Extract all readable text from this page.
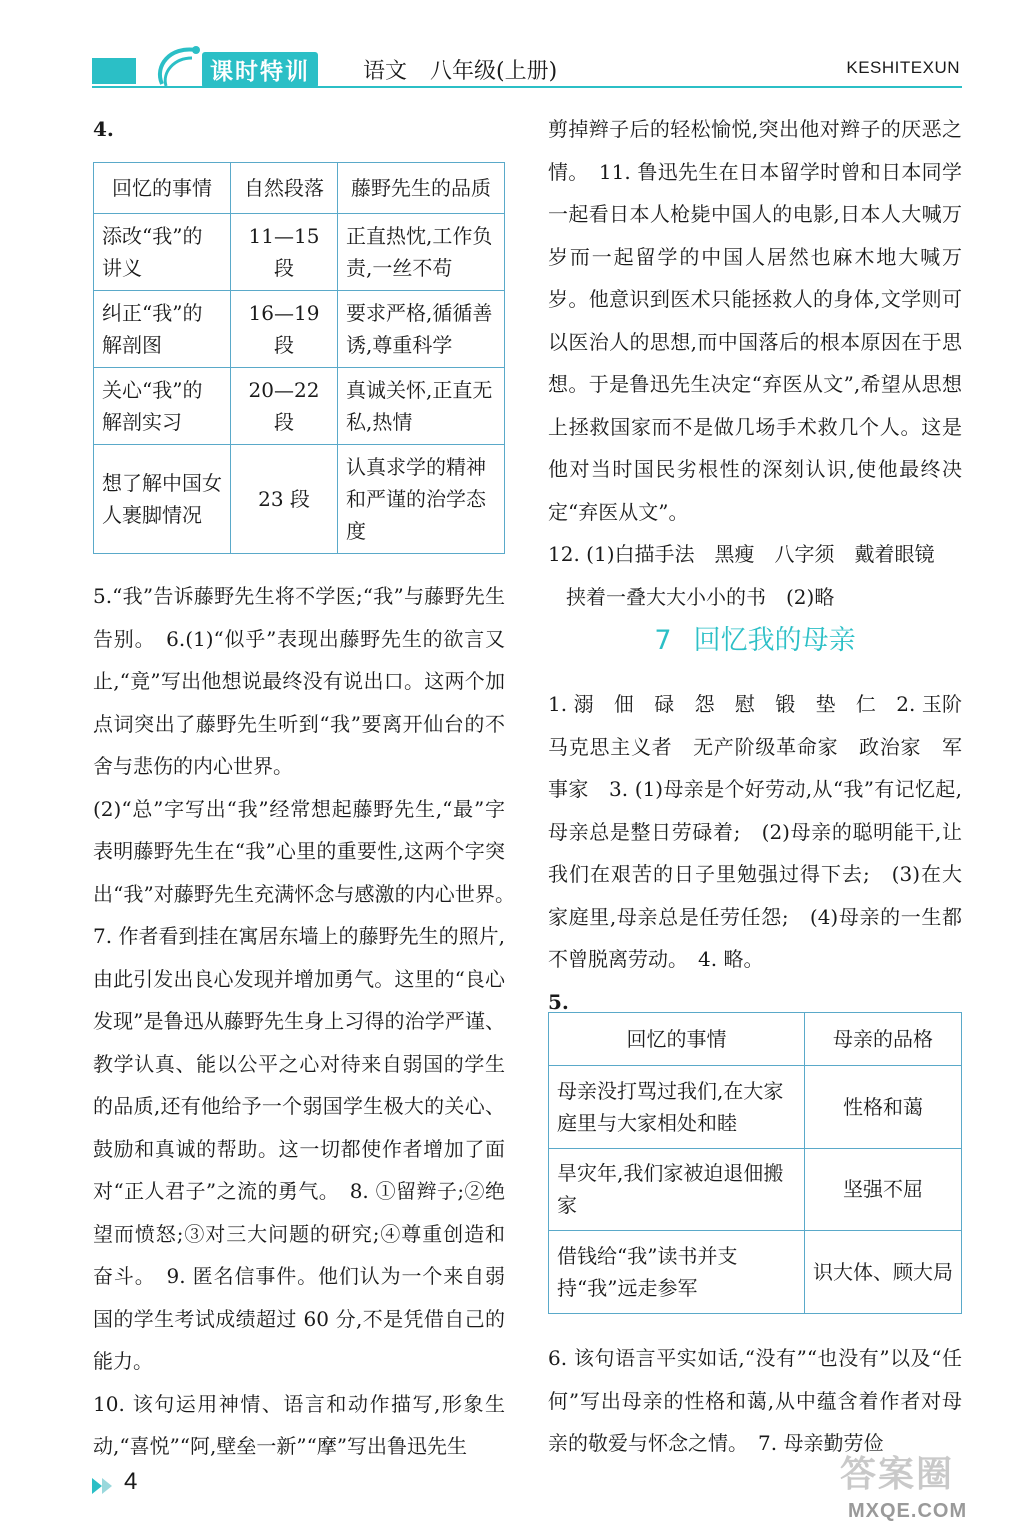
课时特训	语文 八年级(上册)	KESHITEXUN

4.

回忆的事情	自然段落	藤野先生的品质
添改“我”的讲义	11—15 段	正直热忱,工作负责,一丝不苟
纠正“我”的解剖图	16—19 段	要求严格,循循善诱,尊重科学
关心“我”的解剖实习	20—22 段	真诚关怀,正直无私,热情
想了解中国女人裹脚情况	23 段	认真求学的精神和严谨的治学态度

5.“我”告诉藤野先生将不学医;“我”与藤野先生告别。　6.(1)“似乎”表现出藤野先生的欲言又止,“竟”写出他想说最终没有说出口。这两个加点词突出了藤野先生听到“我”要离开仙台的不舍与悲伤的内心世界。

(2)“总”字写出“我”经常想起藤野先生,“最”字表明藤野先生在“我”心里的重要性,这两个字突出“我”对藤野先生充满怀念与感激的内心世界。　7. 作者看到挂在寓居东墙上的藤野先生的照片,由此引发出良心发现并增加勇气。这里的“良心发现”是鲁迅从藤野先生身上习得的治学严谨、教学认真、能以公平之心对待来自弱国的学生的品质,还有他给予一个弱国学生极大的关心、鼓励和真诚的帮助。这一切都使作者增加了面对“正人君子”之流的勇气。　8. ①留辫子;②绝望而愤怒;③对三大问题的研究;④尊重创造和奋斗。　9. 匿名信事件。他们认为一个来自弱国的学生考试成绩超过 60 分,不是凭借自己的能力。

10. 该句运用神情、语言和动作描写,形象生动,“喜悦”“阿,壁垒一新”“摩”写出鲁迅先生

剪掉辫子后的轻松愉悦,突出他对辫子的厌恶之情。　11. 鲁迅先生在日本留学时曾和日本同学一起看日本人枪毙中国人的电影,日本人大喊万岁而一起留学的中国人居然也麻木地大喊万岁。他意识到医术只能拯救人的身体,文学则可以医治人的思想,而中国落后的根本原因在于思想。于是鲁迅先生决定“弃医从文”,希望从思想上拯救国家而不是做几场手术救几个人。这是他对当时国民劣根性的深刻认识,使他最终决定“弃医从文”。

12. (1)白描手法　黑瘦　八字须　戴着眼镜

挟着一叠大大小小的书　(2)略

7 回忆我的母亲

1. 溺　佃　碌　怨　慰　锻　垫　仁　2. 玉阶　马克思主义者　无产阶级革命家　政治家　军事家　3. (1)母亲是个好劳动,从“我”有记忆起,母亲总是整日劳碌着;　(2)母亲的聪明能干,让我们在艰苦的日子里勉强过得下去;　(3)在大家庭里,母亲总是任劳任怨;　(4)母亲的一生都不曾脱离劳动。　4. 略。

5.

回忆的事情	母亲的品格
母亲没打骂过我们,在大家庭里与大家相处和睦	性格和蔼
旱灾年,我们家被迫退佃搬家	坚强不屈
借钱给“我”读书并支持“我”远走参军	识大体、顾大局

6. 该句语言平实如话,“没有”“也没有”以及“任何”写出母亲的性格和蔼,从中蕴含着作者对母亲的敬爱与怀念之情。　7. 母亲勤劳俭

4	答案圈
MXQE.COM
